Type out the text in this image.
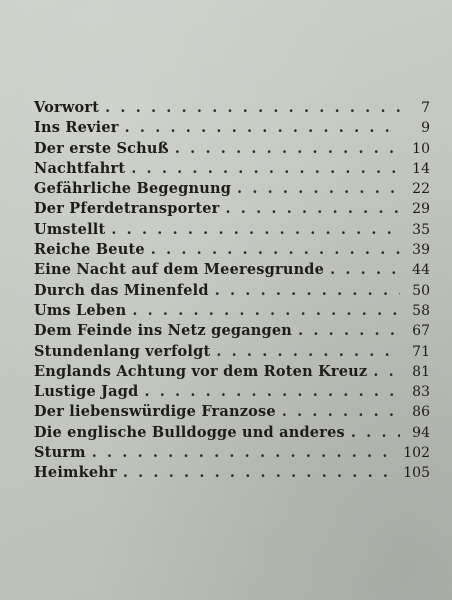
Vorwort . . .	7
Ins Revier . . .	9
Der erste Schuß . . .	10
Nachtfahrt . . .	14
Gefährliche Begegnung . . .	22
Der Pferdetransporter . . .	29
Umstellt . . .	35
Reiche Beute . . .	39
Eine Nacht auf dem Meeresgrunde . . .	44
Durch das Minenfeld . . .	50
Ums Leben . . .	58
Dem Feinde ins Netz gegangen . . .	67
Stundenlang verfolgt . . .	71
Englands Achtung vor dem Roten Kreuz . . .	81
Lustige Jagd . . .	83
Der liebenswürdige Franzose . . .	86
Die englische Bulldogge und anderes . . .	94
Sturm . . .	102
Heimkehr . . .	105
